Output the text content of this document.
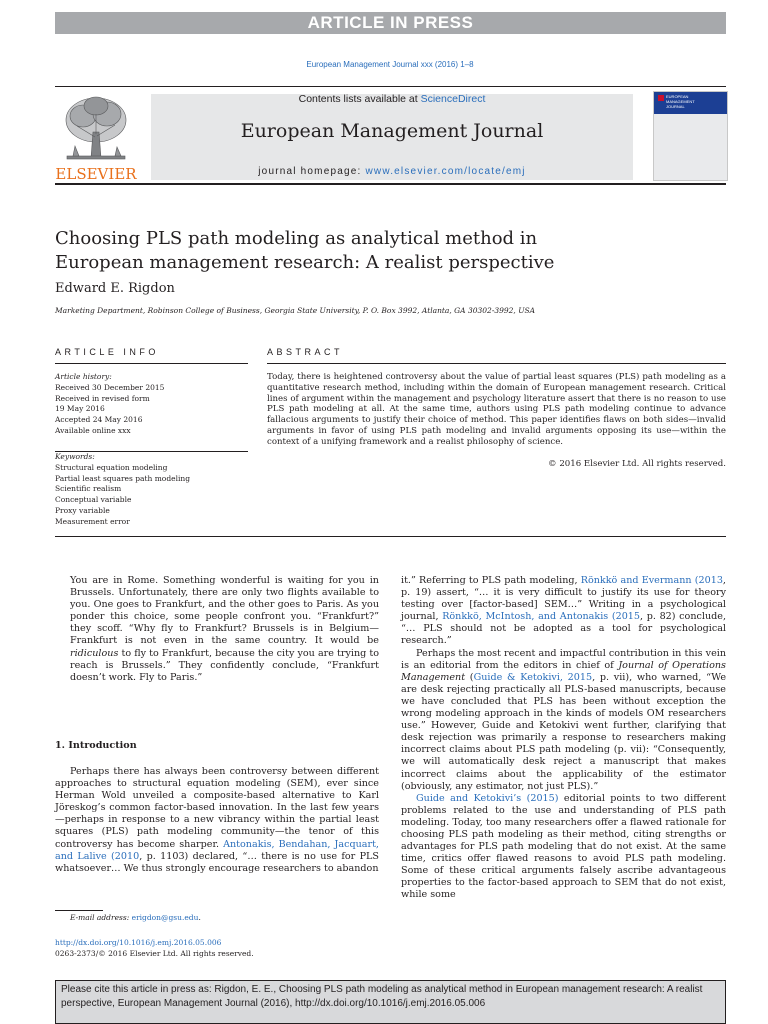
ARTICLE IN PRESS
European Management Journal xxx (2016) 1–8
ELSEVIER
Contents lists available at ScienceDirect
European Management Journal
journal homepage: www.elsevier.com/locate/emj
EUROPEAN
MANAGEMENT
JOURNAL
Choosing PLS path modeling as analytical method in European management research: A realist perspective
Edward E. Rigdon
Marketing Department, Robinson College of Business, Georgia State University, P. O. Box 3992, Atlanta, GA 30302-3992, USA
ARTICLE INFO	ABSTRACT
Article history:
Received 30 December 2015
Received in revised form
19 May 2016
Accepted 24 May 2016
Available online xxx
Keywords:
Structural equation modeling
Partial least squares path modeling
Scientific realism
Conceptual variable
Proxy variable
Measurement error
Today, there is heightened controversy about the value of partial least squares (PLS) path modeling as a quantitative research method, including within the domain of European management research. Critical lines of argument within the management and psychology literature assert that there is no reason to use PLS path modeling at all. At the same time, authors using PLS path modeling continue to advance fallacious arguments to justify their choice of method. This paper identifies flaws on both sides—invalid arguments in favor of using PLS path modeling and invalid arguments opposing its use—within the context of a unifying framework and a realist philosophy of science.
© 2016 Elsevier Ltd. All rights reserved.

You are in Rome. Something wonderful is waiting for you in Brussels. Unfortunately, there are only two flights available to you. One goes to Frankfurt, and the other goes to Paris. As you ponder this choice, some people confront you. “Frankfurt?” they scoff. “Why fly to Frankfurt? Brussels is in Belgium—Frankfurt is not even in the same country. It would be ridiculous to fly to Frankfurt, because the city you are trying to reach is Brussels.” They confidently conclude, “Frankfurt doesn’t work. Fly to Paris.”

1. Introduction

Perhaps there has always been controversy between different approaches to structural equation modeling (SEM), ever since Herman Wold unveiled a composite-based alternative to Karl Jöreskog’s common factor-based innovation. In the last few years—perhaps in response to a new vibrancy within the partial least squares (PLS) path modeling community—the tenor of this controversy has become sharper. Antonakis, Bendahan, Jacquart, and Lalive (2010, p. 1103) declared, “… there is no use for PLS whatsoever… We thus strongly encourage researchers to abandon

it.” Referring to PLS path modeling, Rönkkö and Evermann (2013, p. 19) assert, “… it is very difficult to justify its use for theory testing over [factor-based] SEM…” Writing in a psychological journal, Rönkkö, McIntosh, and Antonakis (2015, p. 82) conclude, “… PLS should not be adopted as a tool for psychological research.”

Perhaps the most recent and impactful contribution in this vein is an editorial from the editors in chief of Journal of Operations Management (Guide & Ketokivi, 2015, p. vii), who warned, “We are desk rejecting practically all PLS-based manuscripts, because we have concluded that PLS has been without exception the wrong modeling approach in the kinds of models OM researchers use.” However, Guide and Ketokivi went further, clarifying that desk rejection was primarily a response to researchers making incorrect claims about PLS path modeling (p. vii): “Consequently, we will automatically desk reject a manuscript that makes incorrect claims about the applicability of the estimator (obviously, any estimator, not just PLS).”

Guide and Ketokivi’s (2015) editorial points to two different problems related to the use and understanding of PLS path modeling. Today, too many researchers offer a flawed rationale for choosing PLS path modeling as their method, citing strengths or advantages for PLS path modeling that do not exist. At the same time, critics offer flawed reasons to avoid PLS path modeling. Some of these critical arguments falsely ascribe advantageous properties to the factor-based approach to SEM that do not exist, while some

E-mail address: erigdon@gsu.edu.
http://dx.doi.org/10.1016/j.emj.2016.05.006
0263-2373/© 2016 Elsevier Ltd. All rights reserved.
Please cite this article in press as: Rigdon, E. E., Choosing PLS path modeling as analytical method in European management research: A realist perspective, European Management Journal (2016), http://dx.doi.org/10.1016/j.emj.2016.05.006
